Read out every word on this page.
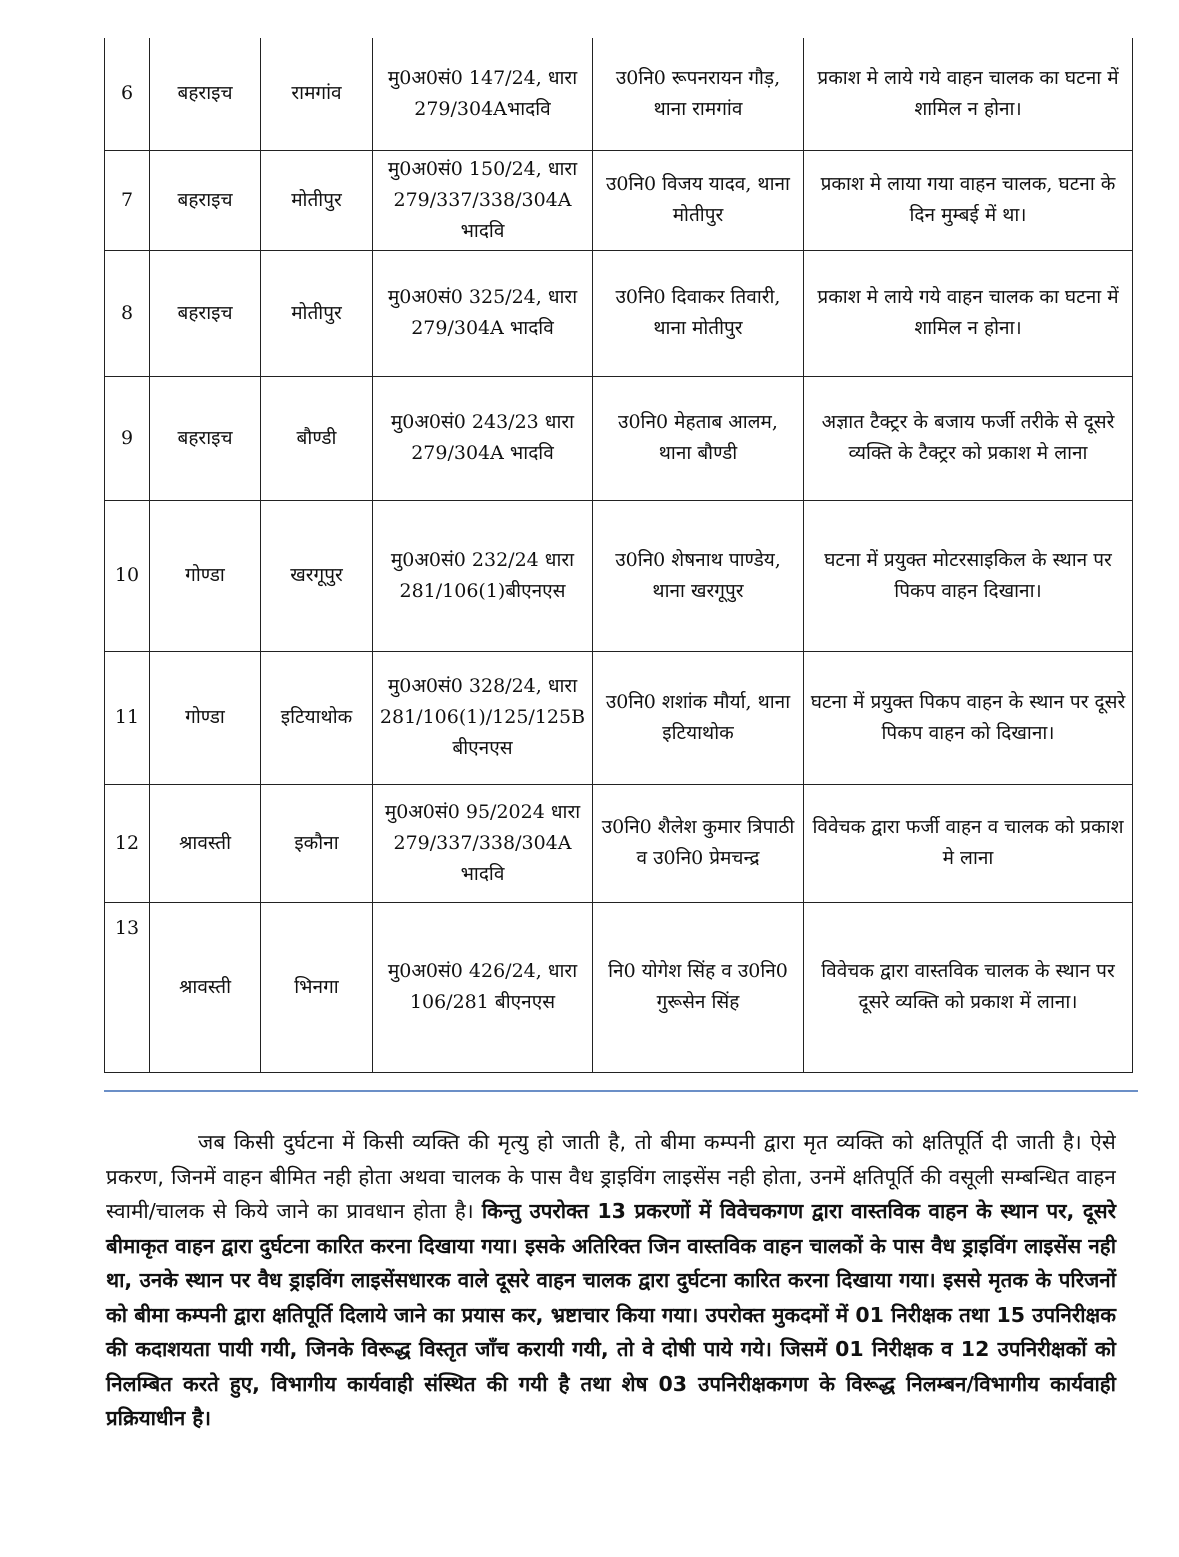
6	बहराइच	रामगांव	मु0अ0सं0 147/24, धारा 279/304Aभादवि	उ0नि0 रूपनरायन गौड़, थाना रामगांव	प्रकाश मे लाये गये वाहन चालक का घटना में शामिल न होना।
7	बहराइच	मोतीपुर	मु0अ0सं0 150/24, धारा 279/337/338/304A भादवि	उ0नि0 विजय यादव, थाना मोतीपुर	प्रकाश मे लाया गया वाहन चालक, घटना के दिन मुम्बई में था।
8	बहराइच	मोतीपुर	मु0अ0सं0 325/24, धारा 279/304A भादवि	उ0नि0 दिवाकर तिवारी, थाना मोतीपुर	प्रकाश मे लाये गये वाहन चालक का घटना में शामिल न होना।
9	बहराइच	बौण्डी	मु0अ0सं0 243/23 धारा 279/304A भादवि	उ0नि0 मेहताब आलम, थाना बौण्डी	अज्ञात टैक्ट्रर के बजाय फर्जी तरीके से दूसरे व्यक्ति के टैक्ट्रर को प्रकाश मे लाना
10	गोण्डा	खरगूपुर	मु0अ0सं0 232/24 धारा 281/106(1)बीएनएस	उ0नि0 शेषनाथ पाण्डेय, थाना खरगूपुर	घटना में प्रयुक्त मोटरसाइकिल के स्थान पर पिकप वाहन दिखाना।
11	गोण्डा	इटियाथोक	मु0अ0सं0 328/24, धारा 281/106(1)/125/125B बीएनएस	उ0नि0 शशांक मौर्या, थाना इटियाथोक	घटना में प्रयुक्त पिकप वाहन के स्थान पर दूसरे पिकप वाहन को दिखाना।
12	श्रावस्ती	इकौना	मु0अ0सं0 95/2024 धारा 279/337/338/304A भादवि	उ0नि0 शैलेश कुमार त्रिपाठी व उ0नि0 प्रेमचन्द्र	विवेचक द्वारा फर्जी वाहन व चालक को प्रकाश मे लाना
13	श्रावस्ती	भिनगा	मु0अ0सं0 426/24, धारा 106/281 बीएनएस	नि0 योगेश सिंह व उ0नि0 गुरूसेन सिंह	विवेचक द्वारा वास्तविक चालक के स्थान पर दूसरे व्यक्ति को प्रकाश में लाना।
जब किसी दुर्घटना में किसी व्यक्ति की मृत्यु हो जाती है, तो बीमा कम्पनी द्वारा मृत व्यक्ति को क्षतिपूर्ति दी जाती है। ऐसे प्रकरण, जिनमें वाहन बीमित नही होता अथवा चालक के पास वैध ड्राइविंग लाइसेंस नही होता, उनमें क्षतिपूर्ति की वसूली सम्बन्धित वाहन स्वामी/चालक से किये जाने का प्रावधान होता है। किन्तु उपरोक्त 13 प्रकरणों में विवेचकगण द्वारा वास्तविक वाहन के स्थान पर, दूसरे बीमाकृत वाहन द्वारा दुर्घटना कारित करना दिखाया गया। इसके अतिरिक्त जिन वास्तविक वाहन चालकों के पास वैध ड्राइविंग लाइसेंस नही था, उनके स्थान पर वैध ड्राइविंग लाइसेंसधारक वाले दूसरे वाहन चालक द्वारा दुर्घटना कारित करना दिखाया गया। इससे मृतक के परिजनों को बीमा कम्पनी द्वारा क्षतिपूर्ति दिलाये जाने का प्रयास कर, भ्रष्टाचार किया गया। उपरोक्त मुकदमों में 01 निरीक्षक तथा 15 उपनिरीक्षक की कदाशयता पायी गयी, जिनके विरूद्ध विस्तृत जाँच करायी गयी, तो वे दोषी पाये गये। जिसमें 01 निरीक्षक व 12 उपनिरीक्षकों को निलम्बित करते हुए, विभागीय कार्यवाही संस्थित की गयी है तथा शेष 03 उपनिरीक्षकगण के विरूद्ध निलम्बन/विभागीय कार्यवाही प्रक्रियाधीन है।
